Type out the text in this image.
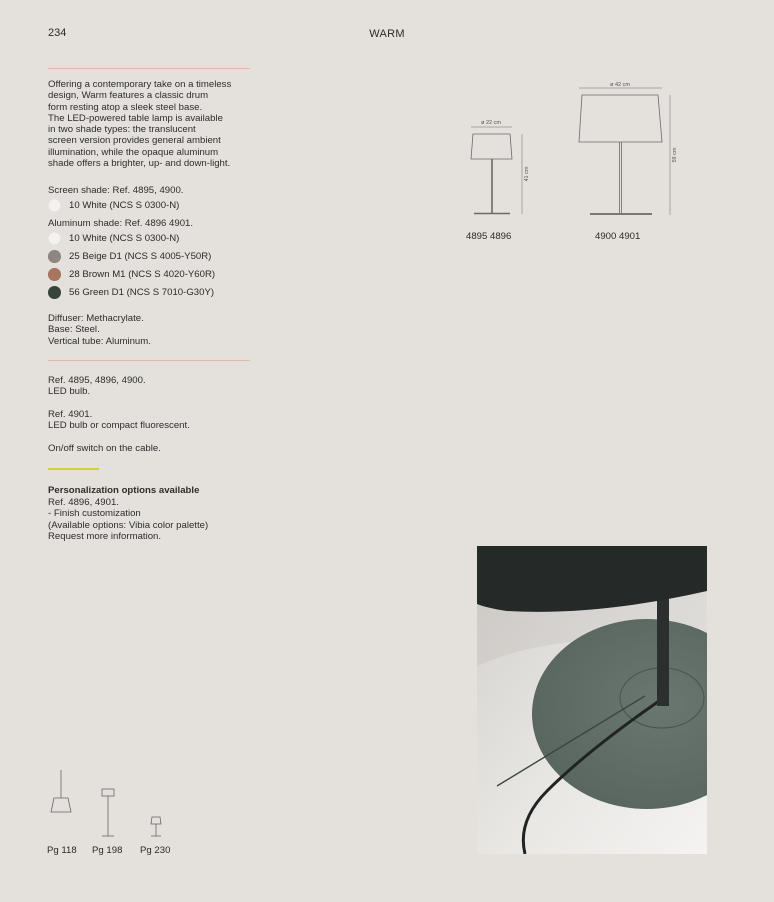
234	WARM
Offering a contemporary take on a timeless
design, Warm features a classic drum
form resting atop a sleek steel base.
The LED-powered table lamp is available
in two shade types: the translucent
screen version provides general ambient
illumination, while the opaque aluminum
shade offers a brighter, up- and down-light.
Screen shade: Ref. 4895, 4900.
10 White (NCS S 0300-N)
Aluminum shade: Ref. 4896 4901.
10 White (NCS S 0300-N)
25 Beige D1 (NCS S 4005-Y50R)
28 Brown M1 (NCS S 4020-Y60R)
56 Green D1 (NCS S 7010-G30Y)
Diffuser: Methacrylate.
Base: Steel.
Vertical tube: Aluminum.
Ref. 4895, 4896, 4900.
LED bulb.

Ref. 4901.
LED bulb or compact fluorescent.

On/off switch on the cable.
Personalization options available
Ref. 4896, 4901.
- Finish customization
(Available options: Vibia color palette)
Request more information.
ø 22 cm
41 cm
ø 42 cm
59 cm
4895 4896	4900 4901
Pg 118 Pg 198 Pg 230
